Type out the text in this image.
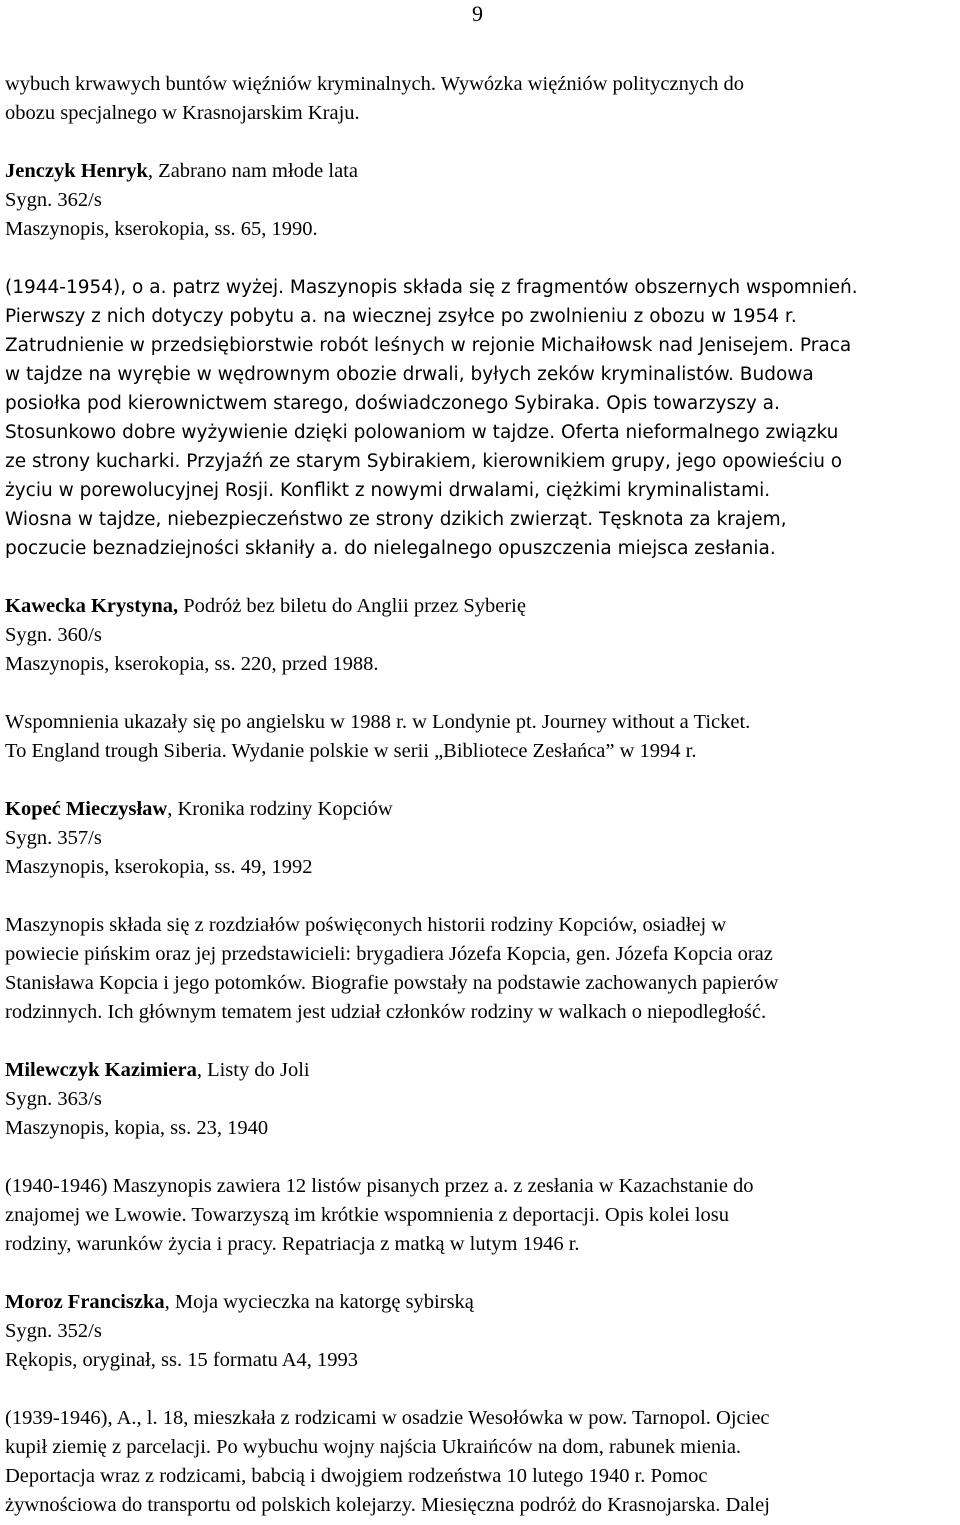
9
wybuch krwawych buntów więźniów kryminalnych. Wywózka więźniów politycznych do
obozu specjalnego w Krasnojarskim Kraju.
Jenczyk Henryk, Zabrano nam młode lata
Sygn. 362/s
Maszynopis, kserokopia, ss. 65, 1990.
(1944-1954), o a. patrz wyżej. Maszynopis składa się z fragmentów obszernych wspomnień.
Pierwszy z nich dotyczy pobytu a. na wiecznej zsyłce po zwolnieniu z obozu w 1954 r.
Zatrudnienie w przedsiębiorstwie robót leśnych w rejonie Michaiłowsk nad Jenisejem. Praca
w tajdze na wyrębie w wędrownym obozie drwali, byłych zeków kryminalistów. Budowa
posiołka pod kierownictwem starego, doświadczonego Sybiraka. Opis towarzyszy a.
Stosunkowo dobre wyżywienie dzięki polowaniom w tajdze. Oferta nieformalnego związku
ze strony kucharki. Przyjaźń ze starym Sybirakiem, kierownikiem grupy, jego opowieściu o
życiu w porewolucyjnej Rosji. Konflikt z nowymi drwalami, ciężkimi kryminalistami.
Wiosna w tajdze, niebezpieczeństwo ze strony dzikich zwierząt. Tęsknota za krajem,
poczucie beznadziejności skłaniły a. do nielegalnego opuszczenia miejsca zesłania.
Kawecka Krystyna, Podróż bez biletu do Anglii przez Syberię
Sygn. 360/s
Maszynopis, kserokopia, ss. 220, przed 1988.
Wspomnienia ukazały się po angielsku w 1988 r. w Londynie pt. Journey without a Ticket.
To England trough Siberia. Wydanie polskie w serii „Bibliotece Zesłańca” w 1994 r.
Kopeć Mieczysław, Kronika rodziny Kopciów
Sygn. 357/s
Maszynopis, kserokopia, ss. 49, 1992
Maszynopis składa się z rozdziałów poświęconych historii rodziny Kopciów, osiadłej w
powiecie pińskim oraz jej przedstawicieli: brygadiera Józefa Kopcia, gen. Józefa Kopcia oraz
Stanisława Kopcia i jego potomków. Biografie powstały na podstawie zachowanych papierów
rodzinnych. Ich głównym tematem jest udział członków rodziny w walkach o niepodległość.
Milewczyk Kazimiera, Listy do Joli
Sygn. 363/s
Maszynopis, kopia, ss. 23, 1940
(1940-1946) Maszynopis zawiera 12 listów pisanych przez a. z zesłania w Kazachstanie do
znajomej we Lwowie. Towarzyszą im krótkie wspomnienia z deportacji. Opis kolei losu
rodziny, warunków życia i pracy. Repatriacja z matką w lutym 1946 r.
Moroz Franciszka, Moja wycieczka na katorgę sybirską
Sygn. 352/s
Rękopis, oryginał, ss. 15 formatu A4, 1993
(1939-1946), A., l. 18, mieszkała z rodzicami w osadzie Wesołówka w pow. Tarnopol. Ojciec
kupił ziemię z parcelacji. Po wybuchu wojny najścia Ukraińców na dom, rabunek mienia.
Deportacja wraz z rodzicami, babcią i dwojgiem rodzeństwa 10 lutego 1940 r. Pomoc
żywnościowa do transportu od polskich kolejarzy. Miesięczna podróż do Krasnojarska. Dalej
